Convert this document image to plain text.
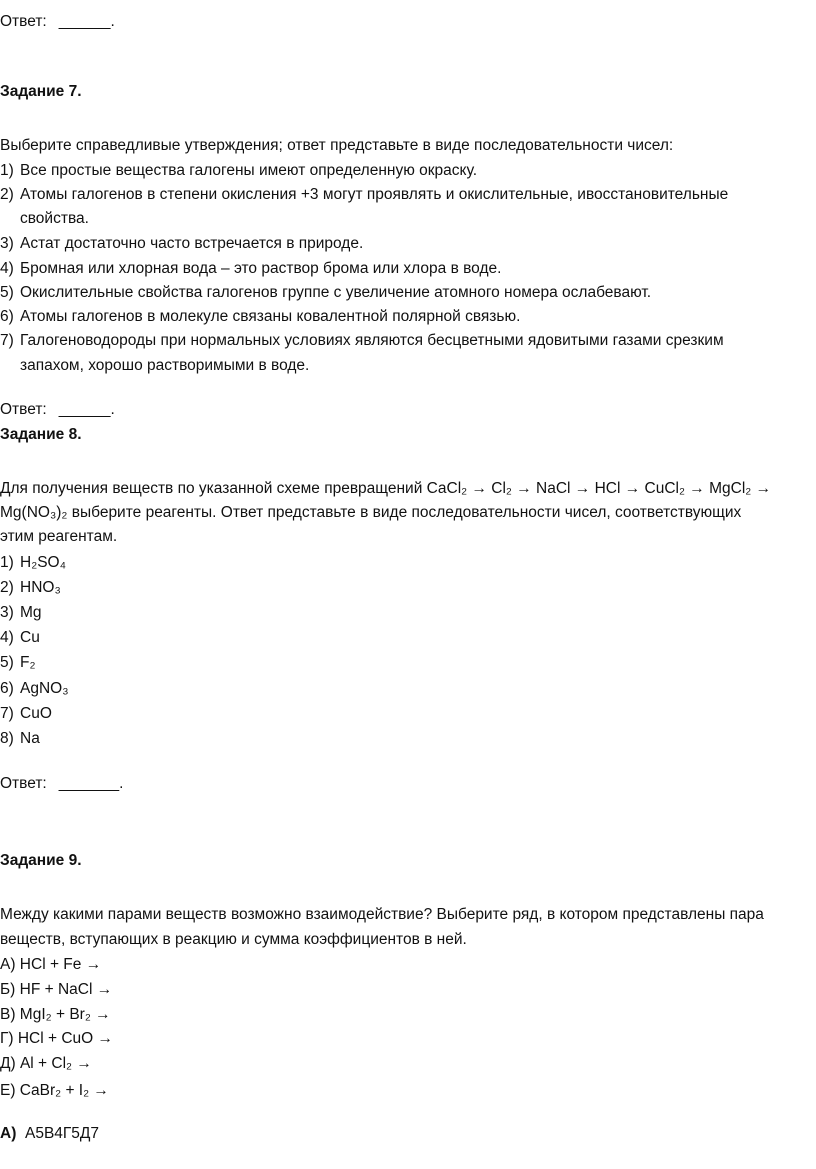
Ответ: ______.
Задание 7.
Выберите справедливые утверждения; ответ представьте в виде последовательности чисел:
1) Все простые вещества галогены имеют определенную окраску.
2) Атомы галогенов в степени окисления +3 могут проявлять и окислительные, ивосстановительные
свойства.
3) Астат достаточно часто встречается в природе.
4) Бромная или хлорная вода – это раствор брома или хлора в воде.
5) Окислительные свойства галогенов группе с увеличение атомного номера ослабевают.
6) Атомы галогенов в молекуле связаны ковалентной полярной связью.
7) Галогеноводороды при нормальных условиях являются бесцветными ядовитыми газами срезким
запахом, хорошо растворимыми в воде.
Ответ: ______.
Задание 8.
Для получения веществ по указанной схеме превращений CaCl₂ → Cl₂ → NaCl → HCl → CuCl₂ → MgCl₂ →
Mg(NO₃)₂ выберите реагенты. Ответ представьте в виде последовательности чисел, соответствующих
этим реагентам.
1) H₂SO₄
2) HNO₃
3) Mg
4) Cu
5) F₂
6) AgNO₃
7) CuO
8) Na
Ответ: _______.
Задание 9.
Между какими парами веществ возможно взаимодействие? Выберите ряд, в котором представлены пара
веществ, вступающих в реакцию и сумма коэффициентов в ней.
А) HCl + Fe →
Б) HF + NaCl →
В) MgI₂ + Br₂ →
Г) HCl + CuO →
Д) Al + Cl₂ →
Е) CaBr₂ + I₂ →
А) А5В4Г5Д7
